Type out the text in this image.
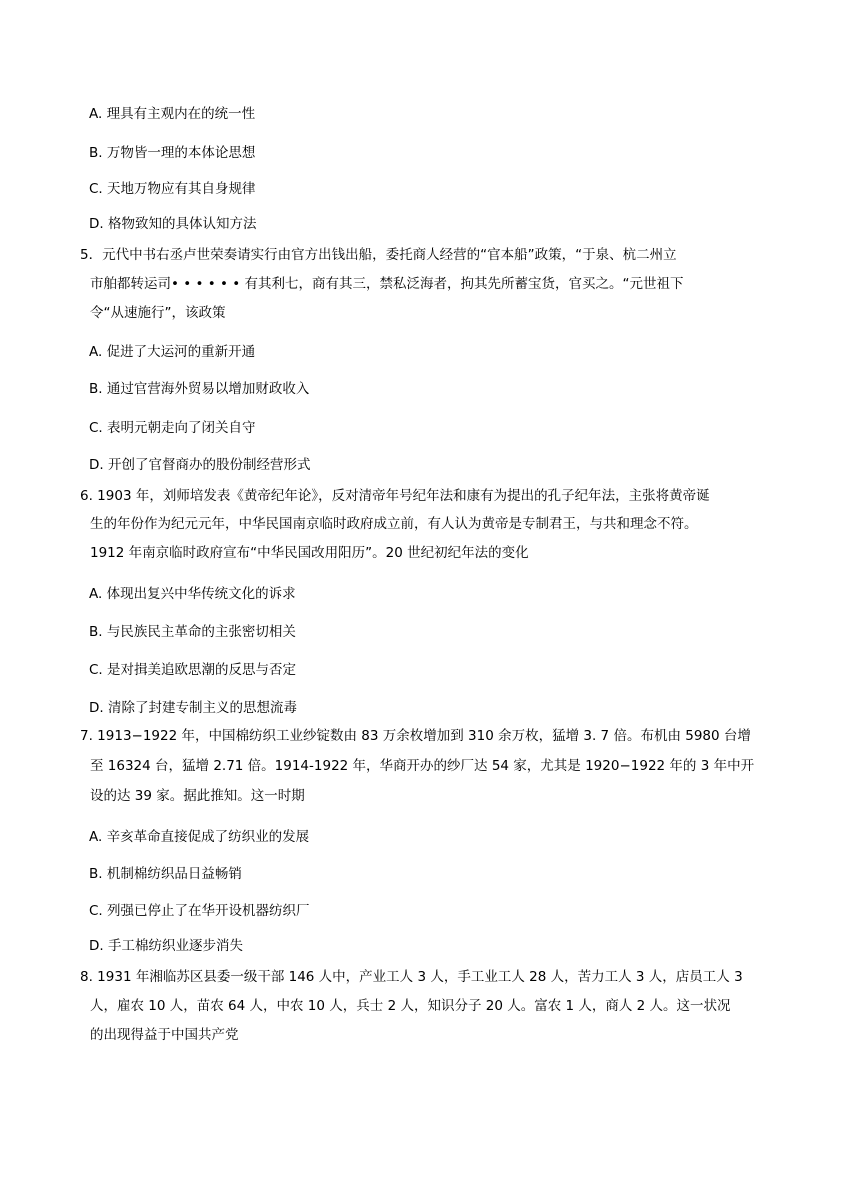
A. 理具有主观内在的统一性
B. 万物皆一理的本体论思想
C. 天地万物应有其自身规律
D. 格物致知的具体认知方法
5．元代中书右丞卢世荣奏请实行由官方出钱出船，委托商人经营的“官本船”政策，“于泉、杭二州立
市舶都转运司• • • • • • 有其利七，商有其三，禁私泛海者，拘其先所蓄宝货，官买之。“元世祖下
令“从速施行”，该政策
A. 促进了大运河的重新开通
B. 通过官营海外贸易以增加财政收入
C. 表明元朝走向了闭关自守
D. 开创了官督商办的股份制经营形式
6. 1903 年，刘师培发表《黄帝纪年论》，反对清帝年号纪年法和康有为提出的孔子纪年法，主张将黄帝诞
生的年份作为纪元元年，中华民国南京临时政府成立前，有人认为黄帝是专制君王，与共和理念不符。
1912 年南京临时政府宣布“中华民国改用阳历”。20 世纪初纪年法的变化
A. 体现出复兴中华传统文化的诉求
B. 与民族民主革命的主张密切相关
C. 是对揖美追欧思潮的反思与否定
D. 清除了封建专制主义的思想流毒
7. 1913−1922 年，中国棉纺织工业纱锭数由 83 万余枚增加到 310 余万枚，猛增 3. 7 倍。布机由 5980 台增
至 16324 台，猛增 2.71 倍。1914-1922 年，华商开办的纱厂达 54 家，尤其是 1920−1922 年的 3 年中开
设的达 39 家。据此推知。这一时期
A. 辛亥革命直接促成了纺织业的发展
B. 机制棉纺织品日益畅销
C. 列强已停止了在华开设机器纺织厂
D. 手工棉纺织业逐步消失
8. 1931 年湘临苏区县委一级干部 146 人中，产业工人 3 人，手工业工人 28 人，苦力工人 3 人，店员工人 3
人，雇农 10 人，苗农 64 人，中农 10 人，兵士 2 人，知识分子 20 人。富农 1 人，商人 2 人。这一状况
的出现得益于中国共产党
